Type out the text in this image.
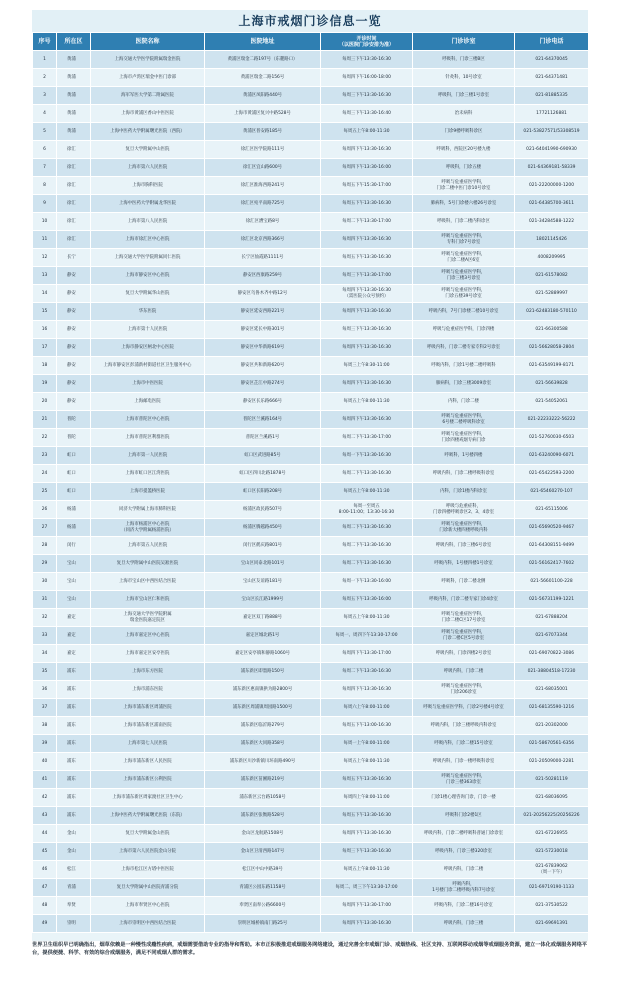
上海市戒烟门诊信息一览
序号	所在区	医院名称	医院地址	开诊时间
（以医院门诊安排为准）	门诊诊室	门诊电话
1	黄浦	上海交通大学医学院附属瑞金医院	黄浦区瑞金二路197号（东麓路口）	每周三下午13:30-16:30	呼吸科，门诊三楼B区	021-64370045
2	黄浦	上海市卢湾区瑞金中医门诊部	黄浦区瑞金二路156号	每周四下午16:00-18:00	针灸科，10号诊室	021-64371481
3	黄浦	海军军医大学第二附属医院	黄浦区凤阳路440号	每周三下午13:30-16:30	呼吸科，门诊三楼1号诊室	021-81885335
4	黄浦	上海市黄浦区香山中医医院	上海市黄浦区复兴中路528号	每周三下午13:30-16:40	治未病科	17721126881
5	黄浦	上海中医药大学附属曙光医院（西院）	黄浦区普安路185号	每周五上午8:00-11:30	门诊9楼呼吸科诊区	021-53827571/53308519
6	徐汇	复旦大学附属中山医院	徐汇区医学院路111号	每周四下午13:30-16:30	呼吸科，西院区20号楼九楼	021-64041990-690930
7	徐汇	上海市第六人民医院	徐汇区宜山路600号	每周四下午13:30-16:00	呼吸科，门诊五楼	021-64369181-58339
8	徐汇	上海市胸科医院	徐汇区淮海西路241号	每周五下午15:30-17:00	呼吸与危重症医学科，
门诊二楼中医门诊10号诊室	021-22200000-1200
9	徐汇	上海中医药大学附属龙华医院	徐汇区宛平南路725号	每周五下午13:30-16:30	肺病科，5号门诊楼六楼26号诊室	021-64385700-3611
10	徐汇	上海市第八人民医院	徐汇区漕宝路8号	每周二下午13:30-17:00	呼吸科，门诊二楼内科诊区	021-34284588-1222
11	徐汇	上海市徐汇区中心医院	徐汇区北京西路366号	每周四下午13:30-16:30	呼吸与危重症医学科，
专科门诊7号诊室	18021145426
12	长宁	上海交通大学医学院附属同仁医院	长宁区仙霞路1111号	每周五下午13:30-16:30	呼吸与危重症医学科，
门诊二楼A区6室	4008209995
13	静安	上海市静安区中心医院	静安区西康路259号	每周三下午13:30-17:00	呼吸与危重症医学科，
门诊三楼3号诊室	021-61578082
14	静安	复旦大学附属华山医院	静安区乌鲁木齐中路12号	每周四下午13:30-16:30
（需医院公众号预约）	呼吸与危重症医学科，
门诊五楼39号诊室	021-52889997
15	静安	华东医院	静安区延安西路221号	每周四下午13:30-16:30	呼吸内科，7号门诊楼二楼10号诊室	021-62483180-570110
16	静安	上海市第十人民医院	静安区延长中路301号	每周三下午13:30-16:30	呼吸与危重症医学科，门诊四楼	021-66300588
17	静安	上海市静安区闸北中心医院	静安区中华新路619号	每周四下午13:30-16:30	呼吸内科，门诊二楼专家专科2号诊室	021-56628058-2804
18	静安	上海市静安区彭浦新村街道社区卫生服务中心	静安区共和新路620号	每周三上午8:30-11:00	呼吸内科，门诊1号楼二楼呼吸科	021-63549199-8171
19	静安	上海市中医医院	静安区芷江中路274号	每周四下午13:30-16:30	肺病科，门诊三楼3009诊室	021-56639828
20	静安	上海邮电医院	静安区长乐路666号	每周五上午8:00-11:30	内科，门诊二楼	021-54052061
21	普陀	上海市普陀区中心医院	普陀区兰溪路164号	每周四下午13:30-16:30	呼吸与危重症医学科，
6号楼二楼呼吸科诊室	021-22233222-56222
22	普陀	上海市普陀区利群医院	普陀区兰溪路1号	每周二下午13:30-17:00	呼吸与危重症医学科，
门诊四楼戒烟专病门诊	021-52760030-6503
23	虹口	上海市第一人民医院	虹口区武进路85号	每周一下午13:30-16:30	呼吸科，1号楼四楼	021-63240090-6071
24	虹口	上海市虹口区江湾医院	虹口区四川北路1878号	每周二下午13:30-16:30	呼吸内科，门诊二楼呼吸科诊室	021-65422593-2200
25	虹口	上海市提篮桥医院	虹口区长阳路208号	每周五上午8:00-11:30	内科，门诊1楼内科诊室	021-65460270-107
26	杨浦	同济大学附属上海市肺科医院	杨浦区政民路507号	每周一至周五
8:00-11:00；13:30-16:30	呼吸与危重症科，
门诊四楼呼吸诊区2、3、4诊室	021-65115006
27	杨浦	上海市杨浦区中心医院
（同济大学附属杨浦医院）	杨浦区腾越路450号	每周二下午13:30-16:30	呼吸与危重症医学科，
门诊新大楼四楼呼吸内科	021-65690520-9467
28	闵行	上海市第五人民医院	闵行区鹤庆路801号	每周二下午13:30-16:30	呼吸内科，门诊三楼6号诊室	021-64308151-9499
29	宝山	复旦大学附属中山医院吴凇医院	宝山区同泰北路101号	每周二下午13:30-16:30	呼吸内科，1号楼四楼1号诊室	021-56162417-7602
30	宝山	上海市宝山区中西医结合医院	宝山区友谊路181号	每周一下午13:30-16:00	呼吸科，门诊二楼北侧	021-56601100-228
31	宝山	上海市宝山区仁和医院	宝山区长江路1999号	每周五下午13:30-16:00	呼吸内科，门诊二楼专家门诊4诊室	021-56731199-1221
32	嘉定	上海交通大学医学院附属
瑞金医院嘉定院区	嘉定区双丁路888号	每周五上午8:00-11:30	呼吸与危重症医学科，
门诊二楼C区17号诊室	021-67888204
33	嘉定	上海市嘉定区中心医院	嘉定区城北路1号	每周一、周四下午13:30-17:00	呼吸与危重症医学科，
门诊二楼C区5号诊室	021-67073344
34	嘉定	上海市嘉定区安亭医院	嘉定区安亭镇和静路1060号	每周四下午13:30-17:00	呼吸内科，门诊四楼2号诊室	021-69070822-3086
35	浦东	上海市东方医院	浦东新区即墨路150号	每周二下午13:30-16:30	呼吸内科，门诊二楼	021-38804518-17230
36	浦东	上海市浦东医院	浦东新区惠南镇拱为路2800号	每周四下午13:30-16:30	呼吸与危重症医学科，
门诊206诊室	021-68035001
37	浦东	上海市浦东新区周浦医院	浦东新区周浦镇周园路1500号	每周六上午8:00-11:00	呼吸与危重症医学科，门诊2号楼4号诊室	021-68135590-1216
38	浦东	上海市浦东新区浦南医院	浦东新区临沂路279号	每周五下午13:00-16:30	呼吸内科，门诊三楼呼吸内科诊室	021-20302000
39	浦东	上海市第七人民医院	浦东新区大同路358号	每周一上午8:00-11:00	呼吸内科，门诊二楼15号诊室	021-58670561-6356
40	浦东	上海市浦东新区人民医院	浦东新区川沙新镇川环南路490号	每周五上午8:00-11:30	呼吸内科，门诊一楼呼吸科诊室	021-20509000-2281
41	浦东	上海市浦东新区公利医院	浦东新区苗圃路219号	每周五下午13:30-16:30	呼吸与危重症医学科，
门诊三楼363诊室	021-50281119
42	浦东	上海市浦东新区周家渡社区卫生中心	浦东新区云台路1058号	每周四上午8:00-11:00	门诊1楼心理咨询门诊，门诊一楼	021-68036095
43	浦东	上海中医药大学附属曙光医院（东院）	浦东新区张衡路528号	每周五下午13:30-16:30	呼吸科门诊2楼1区	021-20256225/20256226
44	金山	复旦大学附属金山医院	金山区龙航路1508号	每周四下午13:30-16:30	呼吸内科，门诊二楼呼吸科普通门诊诊室	021-67226955
45	金山	上海市第六人民医院金山分院	金山区卫清西路147号	每周三下午13:30-16:30	呼吸内科，门诊三楼320诊室	021-57230018
46	松江	上海市松江区方塔中医医院	松江区中山中路39号	每周五上午8:00-11:30	呼吸内科，门诊二楼	021-67839062
（周一下午）
47	青浦	复旦大学附属中山医院青浦分院	青浦区公园东路1158号	每周二、周三下午13:30-17:00	呼吸内科，
1号楼门诊二楼呼吸内科7号诊室	021-69719190-1133
48	奉贤	上海市奉贤区中心医院	奉贤区南奉公路6600号	每周四下午13:30-17:00	呼吸内科，门诊二楼16号诊室	021-37530522
49	崇明	上海市崇明区中西医结合医院	崇明区城桥镇南门路25号	每周四下午13:30-16:30	呼吸内科，门诊三楼	021-69691391
世界卫生组织早已明确指出，烟草依赖是一种慢性成瘾性疾病，戒烟需要借助专业的指导和帮助。本市正积极推进戒烟服务网络建设，通过完善全市戒烟门诊、戒烟热线、社区支持、互联网移动戒烟等戒烟服务资源，建立一体化戒烟服务网络平台，提供便捷、科学、有效的综合戒烟服务，满足不同戒烟人群的需求。
